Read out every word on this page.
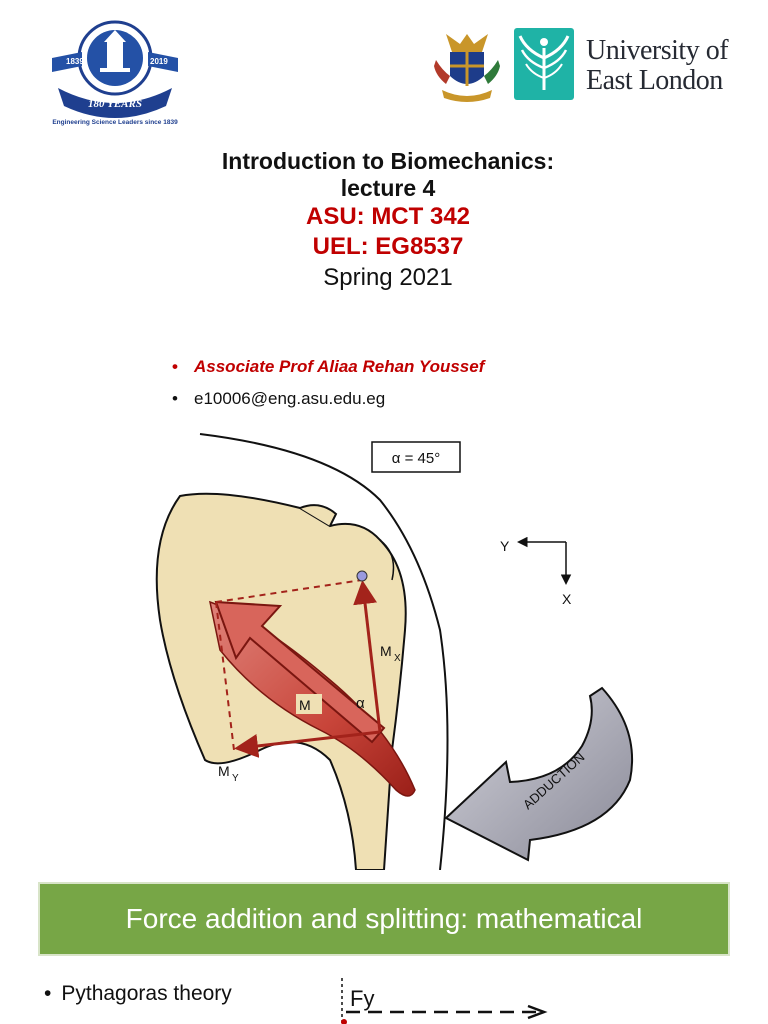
1839	2019
180 YEARS
Engineering Science Leaders since 1839
University of
East London
Introduction to Biomechanics:
lecture 4
ASU: MCT 342
UEL: EG8537
Spring 2021
• Associate Prof Aliaa Rehan Youssef
• e10006@eng.asu.edu.eg
M	α
M X
M Y
α = 45°
Y
X
ADDUCTION
Force addition and splitting: mathematical
• Pythagoras theory	Fy
